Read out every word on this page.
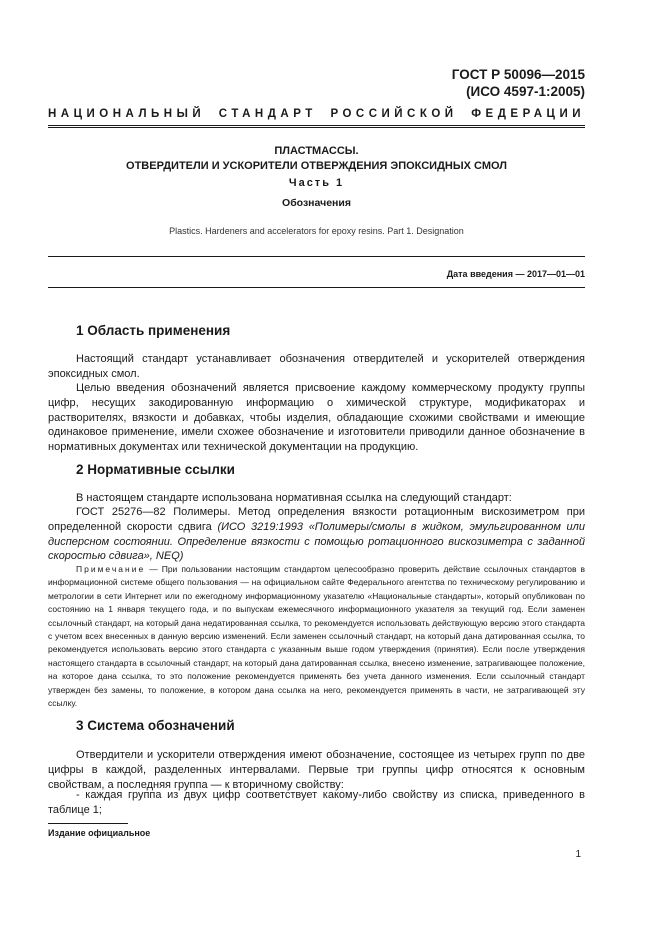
ГОСТ Р 50096—2015
(ИСО 4597-1:2005)
НАЦИОНАЛЬНЫЙ СТАНДАРТ РОССИЙСКОЙ ФЕДЕРАЦИИ
ПЛАСТМАССЫ.
ОТВЕРДИТЕЛИ И УСКОРИТЕЛИ ОТВЕРЖДЕНИЯ ЭПОКСИДНЫХ СМОЛ
Часть 1
Обозначения
Plastics. Hardeners and accelerators for epoxy resins. Part 1. Designation
Дата введения — 2017—01—01
1 Область применения

Настоящий стандарт устанавливает обозначения отвердителей и ускорителей отверждения эпоксидных смол.

Целью введения обозначений является присвоение каждому коммерческому продукту группы цифр, несущих закодированную информацию о химической структуре, модификаторах и растворителях, вязкости и добавках, чтобы изделия, обладающие схожими свойствами и имеющие одинаковое применение, имели схожее обозначение и изготовители приводили данное обозначение в нормативных документах или технической документации на продукцию.

2 Нормативные ссылки

В настоящем стандарте использована нормативная ссылка на следующий стандарт:

ГОСТ 25276—82 Полимеры. Метод определения вязкости ротационным вискозиметром при определенной скорости сдвига (ИСО 3219:1993 «Полимеры/смолы в жидком, эмульгированном или дисперсном состоянии. Определение вязкости с помощью ротационного вискозиметра с заданной скоростью сдвига», NEQ)

Примечание — При пользовании настоящим стандартом целесообразно проверить действие ссылочных стандартов в информационной системе общего пользования — на официальном сайте Федерального агентства по техническому регулированию и метрологии в сети Интернет или по ежегодному информационному указателю «Национальные стандарты», который опубликован по состоянию на 1 января текущего года, и по выпускам ежемесячного информационного указателя за текущий год. Если заменен ссылочный стандарт, на который дана недатированная ссылка, то рекомендуется использовать действующую версию этого стандарта с учетом всех внесенных в данную версию изменений. Если заменен ссылочный стандарт, на который дана датированная ссылка, то рекомендуется использовать версию этого стандарта с указанным выше годом утверждения (принятия). Если после утверждения настоящего стандарта в ссылочный стандарт, на который дана датированная ссылка, внесено изменение, затрагивающее положение, на которое дана ссылка, то это положение рекомендуется применять без учета данного изменения. Если ссылочный стандарт утвержден без замены, то положение, в котором дана ссылка на него, рекомендуется применять в части, не затрагивающей эту ссылку.

3 Система обозначений

Отвердители и ускорители отверждения имеют обозначение, состоящее из четырех групп по две цифры в каждой, разделенных интервалами. Первые три группы цифр относятся к основным свойствам, а последняя группа — к вторичному свойству:

- каждая группа из двух цифр соответствует какому-либо свойству из списка, приведенного в таблице 1;

Издание официальное
1
